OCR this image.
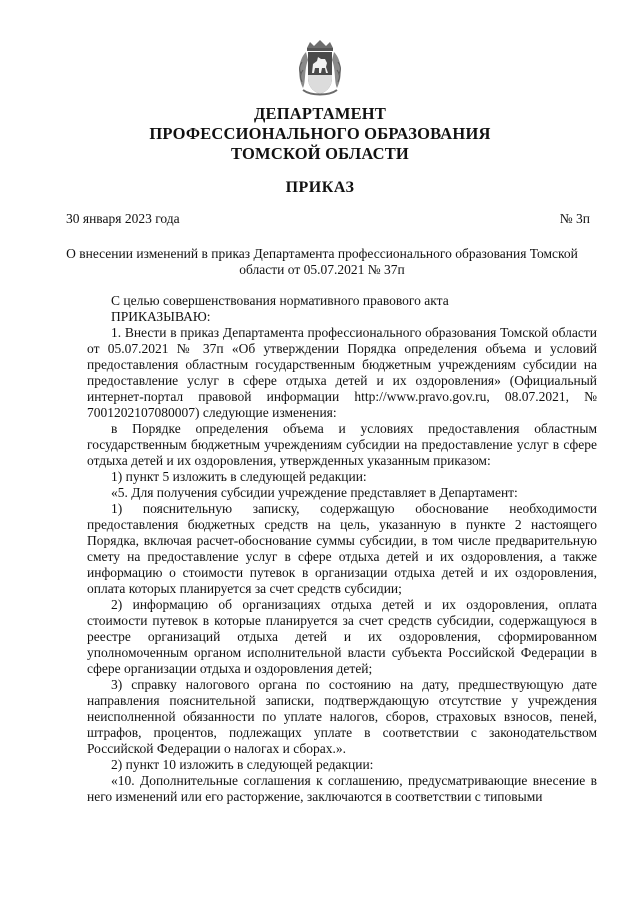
ДЕПАРТАМЕНТ
ПРОФЕССИОНАЛЬНОГО ОБРАЗОВАНИЯ
ТОМСКОЙ ОБЛАСТИ
ПРИКАЗ
30 января 2023 года	№ 3п
О внесении изменений в приказ Департамента профессионального образования Томской области от 05.07.2021 № 37п

С целью совершенствования нормативного правового акта

ПРИКАЗЫВАЮ:

1. Внести в приказ Департамента профессионального образования Томской области от 05.07.2021 № 37п «Об утверждении Порядка определения объема и условий предоставления областным государственным бюджетным учреждениям субсидии на предоставление услуг в сфере отдыха детей и их оздоровления» (Официальный интернет-портал правовой информации http://www.pravo.gov.ru, 08.07.2021, № 7001202107080007) следующие изменения:

в Порядке определения объема и условиях предоставления областным государственным бюджетным учреждениям субсидии на предоставление услуг в сфере отдыха детей и их оздоровления, утвержденных указанным приказом:

1) пункт 5 изложить в следующей редакции:

«5. Для получения субсидии учреждение представляет в Департамент:

1) пояснительную записку, содержащую обоснование необходимости предоставления бюджетных средств на цель, указанную в пункте 2 настоящего Порядка, включая расчет-обоснование суммы субсидии, в том числе предварительную смету на предоставление услуг в сфере отдыха детей и их оздоровления, а также информацию о стоимости путевок в организации отдыха детей и их оздоровления, оплата которых планируется за счет средств субсидии;

2) информацию об организациях отдыха детей и их оздоровления, оплата стоимости путевок в которые планируется за счет средств субсидии, содержащуюся в реестре организаций отдыха детей и их оздоровления, сформированном уполномоченным органом исполнительной власти субъекта Российской Федерации в сфере организации отдыха и оздоровления детей;

3) справку налогового органа по состоянию на дату, предшествующую дате направления пояснительной записки, подтверждающую отсутствие у учреждения неисполненной обязанности по уплате налогов, сборов, страховых взносов, пеней, штрафов, процентов, подлежащих уплате в соответствии с законодательством Российской Федерации о налогах и сборах.».

2) пункт 10 изложить в следующей редакции:

«10. Дополнительные соглашения к соглашению, предусматривающие внесение в него изменений или его расторжение, заключаются в соответствии с типовыми
